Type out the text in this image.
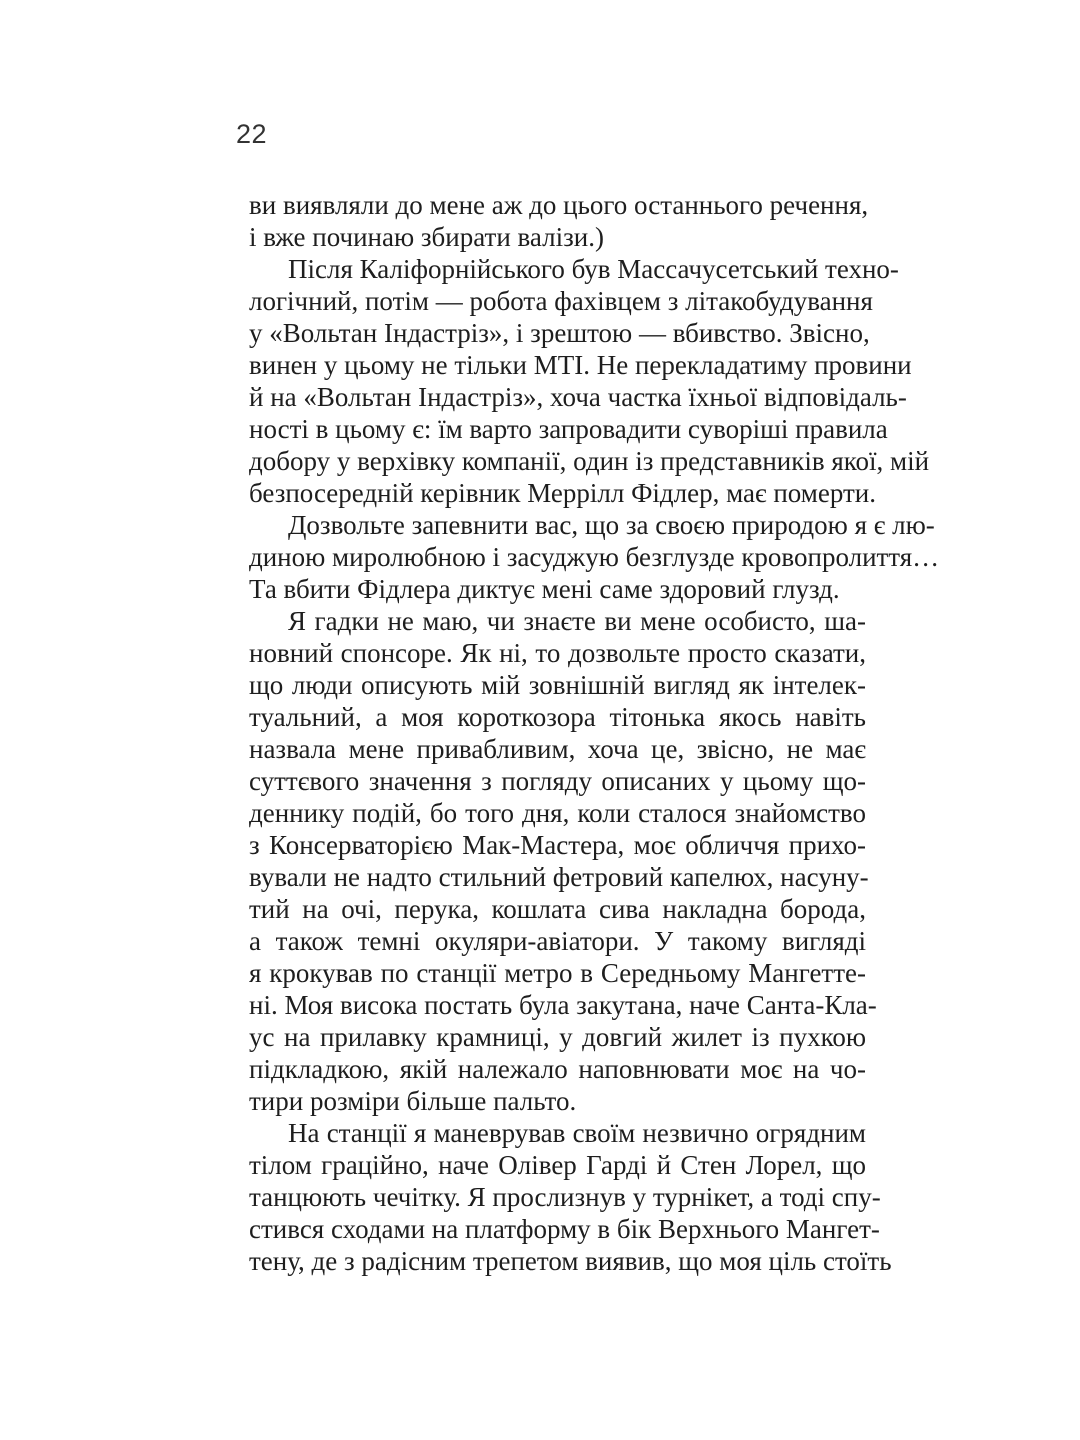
22
ви виявляли до мене аж до цього останнього речення,
і вже починаю збирати валізи.)
Після Каліфорнійського був Массачусетський техно-
логічний, потім — робота фахівцем з літакобудування
у «Вольтан Індастріз», і зрештою — вбивство. Звісно,
винен у цьому не тільки МТІ. Не перекладатиму провини
й на «Вольтан Індастріз», хоча частка їхньої відповідаль-
ності в цьому є: їм варто запровадити суворіші правила
добору у верхівку компанії, один із представників якої, мій
безпосередній керівник Меррілл Фідлер, має померти.
Дозвольте запевнити вас, що за своєю природою я є лю-
диною миролюбною і засуджую безглузде кровопролиття…
Та вбити Фідлера диктує мені саме здоровий глузд.
Я гадки не маю, чи знаєте ви мене особисто, ша-
новний спонсоре. Як ні, то дозвольте просто сказати,
що люди описують мій зовнішній вигляд як інтелек-
туальний, а моя короткозора тітонька якось навіть
назвала мене привабливим, хоча це, звісно, не має
суттєвого значення з погляду описаних у цьому що-
деннику подій, бо того дня, коли сталося знайомство
з Консерваторією Мак-Мастера, моє обличчя прихо-
вували не надто стильний фетровий капелюх, насуну-
тий на очі, перука, кошлата сива накладна борода,
а також темні окуляри-авіатори. У такому вигляді
я крокував по станції метро в Середньому Мангетте-
ні. Моя висока постать була закутана, наче Санта-Кла-
ус на прилавку крамниці, у довгий жилет із пухкою
підкладкою, якій належало наповнювати моє на чо-
тири розміри більше пальто.
На станції я маневрував своїм незвично огрядним
тілом граційно, наче Олівер Гарді й Стен Лорел, що
танцюють чечітку. Я прослизнув у турнікет, а тоді спу-
стився сходами на платформу в бік Верхнього Мангет-
тену, де з радісним трепетом виявив, що моя ціль стоїть
